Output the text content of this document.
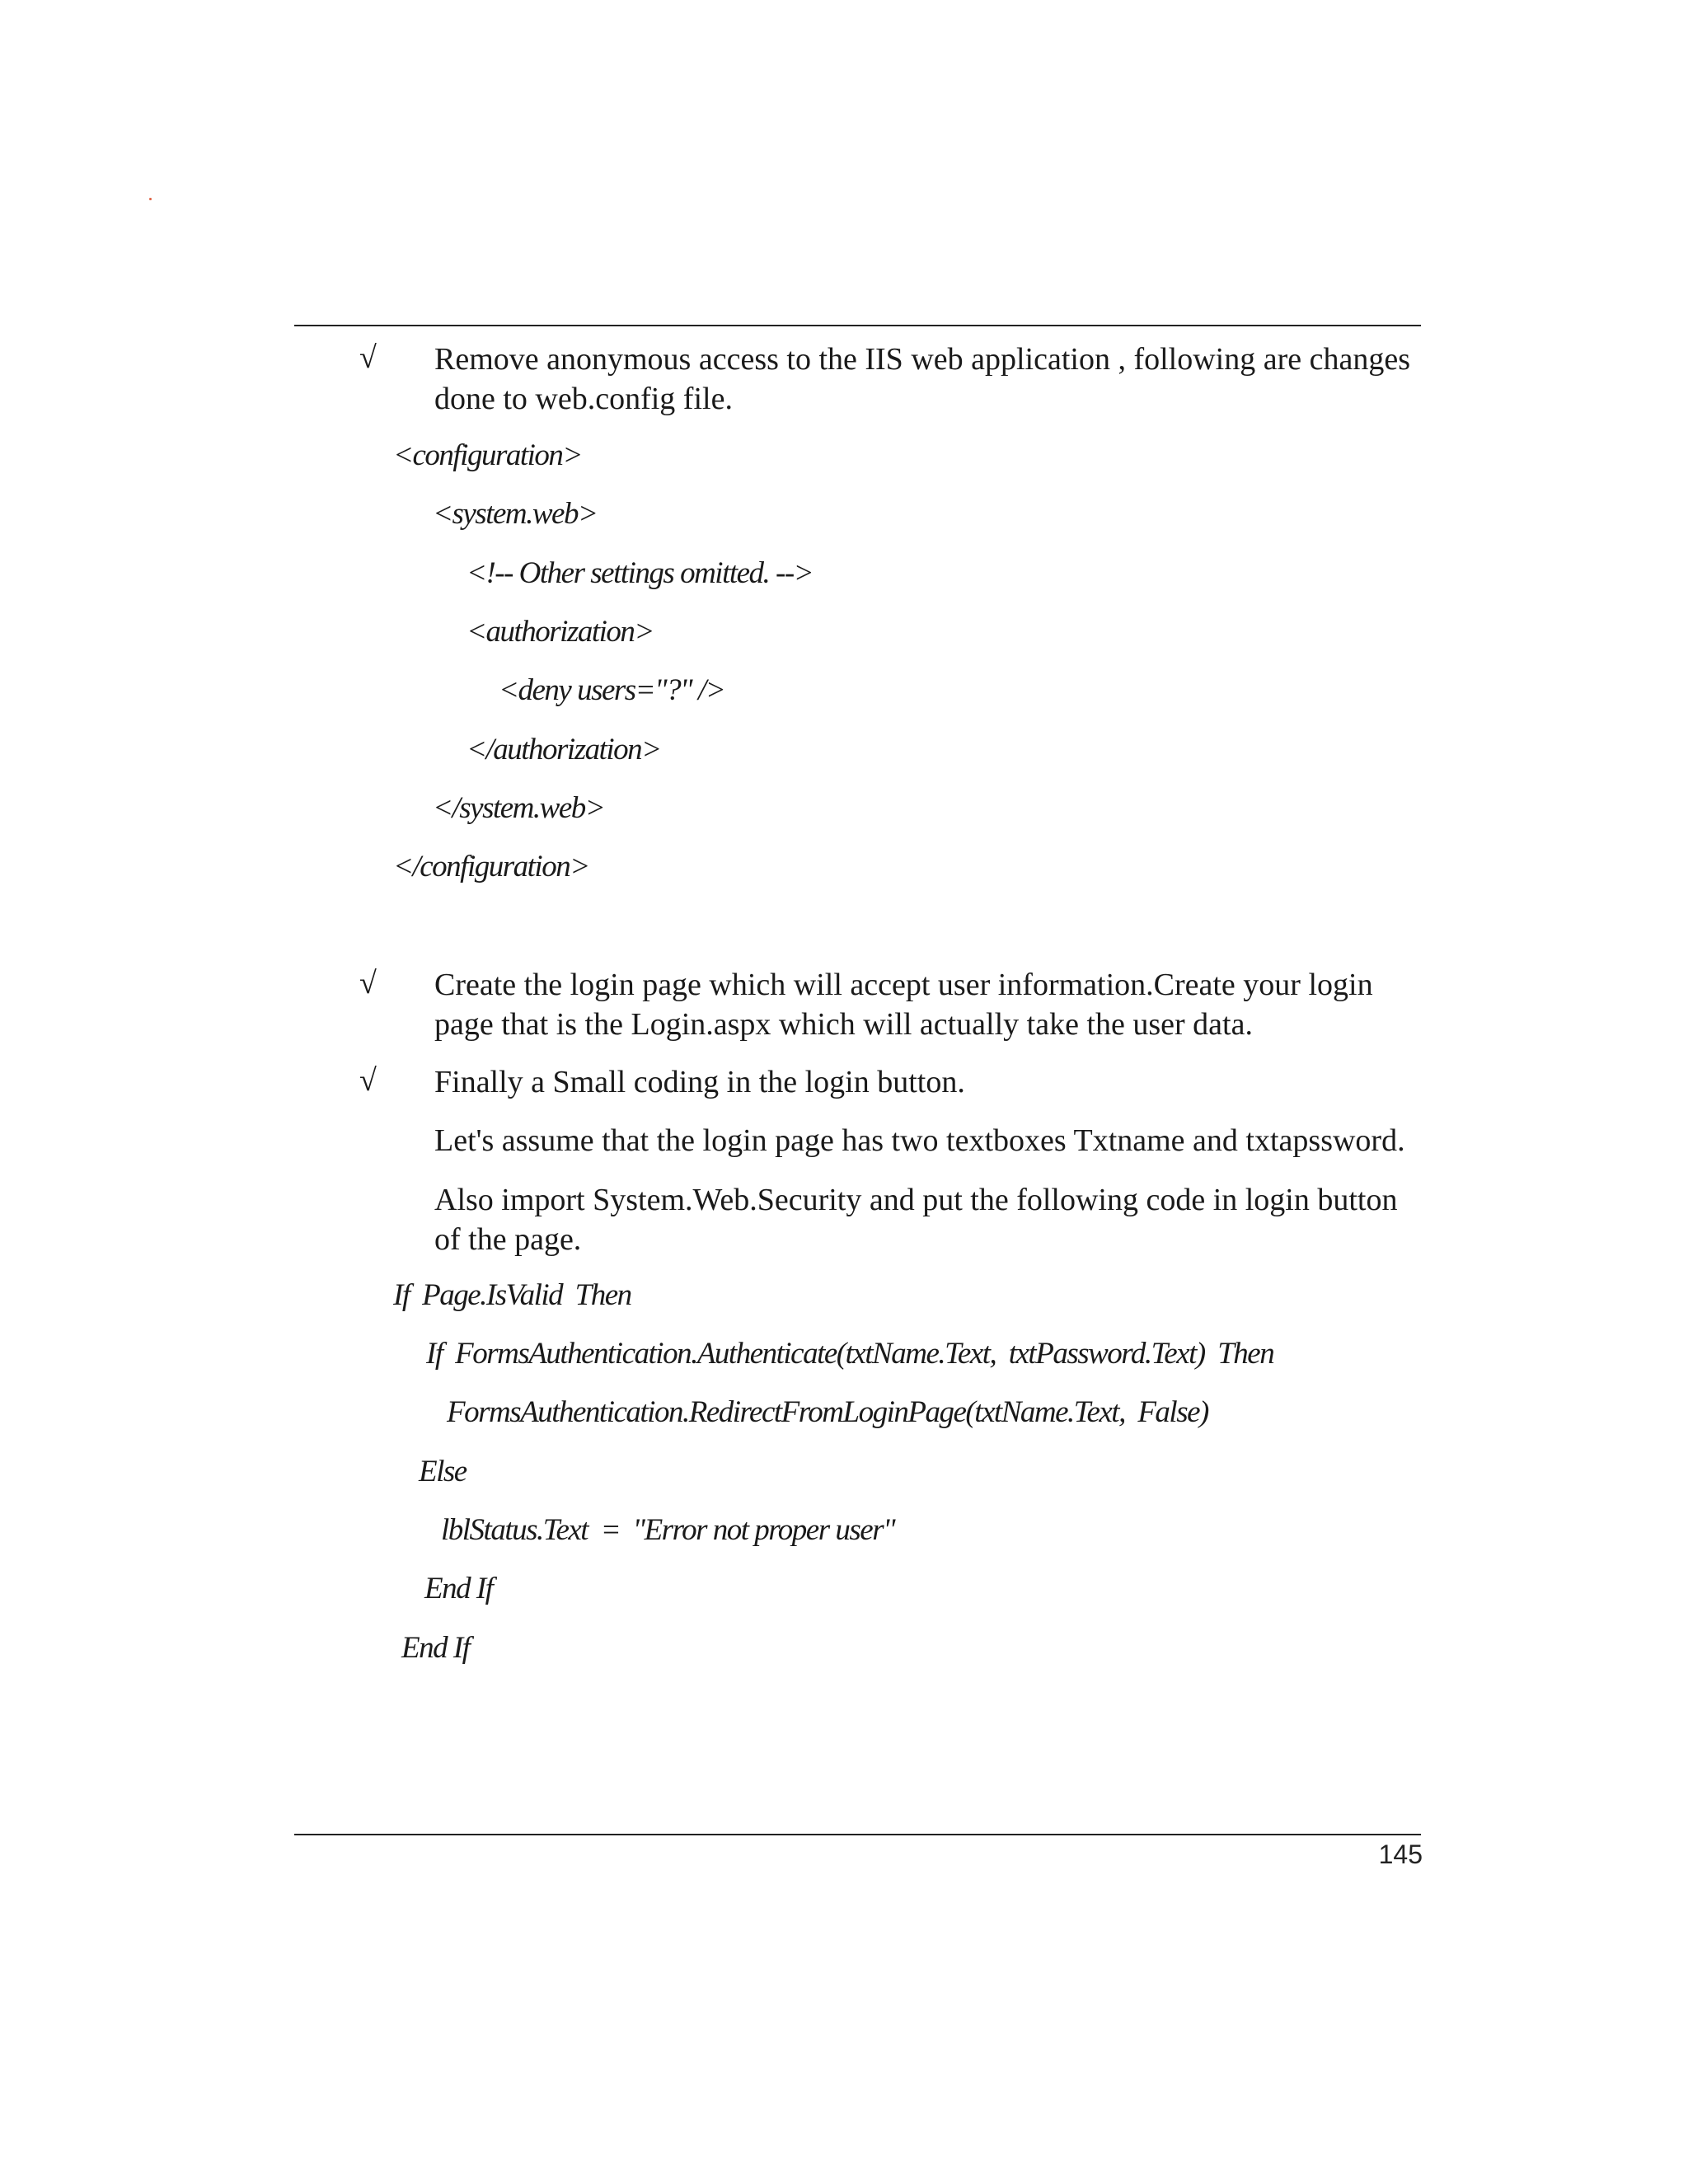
√ Remove anonymous access to the IIS web application , following are changes done to web.config file.
<configuration>
<system.web>
<!-- Other settings omitted. -->
<authorization>
<deny users="?" />
</authorization>
</system.web>
</configuration>
√ Create the login page which will accept user information.Create your login page that is the Login.aspx which will actually take the user data.
√ Finally a Small coding in the login button.
Let's assume that the login page has two textboxes Txtname and txtapssword.
Also import System.Web.Security and put the following code in login button of the page.
If  Page.IsValid  Then
If  FormsAuthentication.Authenticate(txtName.Text,  txtPassword.Text)  Then
FormsAuthentication.RedirectFromLoginPage(txtName.Text,  False)
Else
lblStatus.Text  =  "Error not proper user"
End If
End If
145
